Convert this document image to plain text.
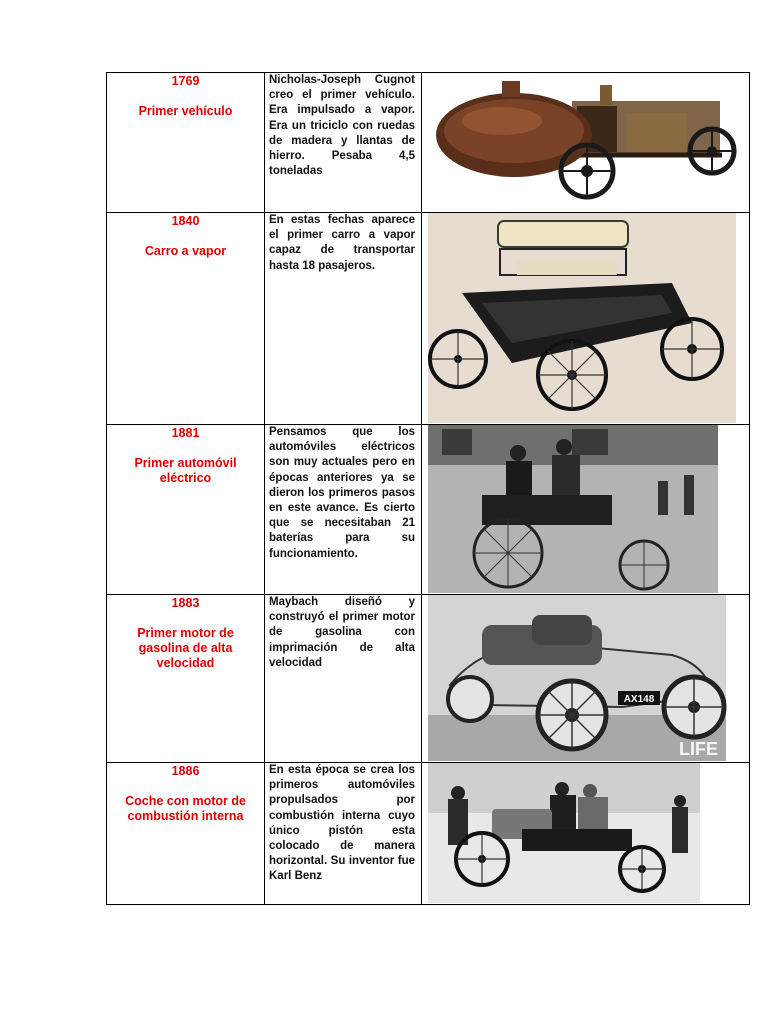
1769
Primer vehículo	Nicholas-Joseph Cugnot creo el primer vehículo. Era impulsado a vapor. Era un triciclo con ruedas de madera y llantas de hierro. Pesaba 4,5 toneladas

1840
Carro a vapor	En estas fechas aparece el primer carro a vapor capaz de transportar hasta 18 pasajeros.

1881
Primer automóvil eléctrico	Pensamos que los automóviles eléctricos son muy actuales pero en épocas anteriores ya se dieron los primeros pasos en este avance. Es cierto que se necesitaban 21 baterías para su funcionamiento.

1883
Primer motor de gasolina de alta velocidad	Maybach diseñó y construyó el primer motor de gasolina con imprimación de alta velocidad	AX148
LIFE

1886
Coche con motor de combustión interna	En esta época se crea los primeros automóviles propulsados por combustión interna cuyo único pistón esta colocado de manera horizontal. Su inventor fue Karl Benz
